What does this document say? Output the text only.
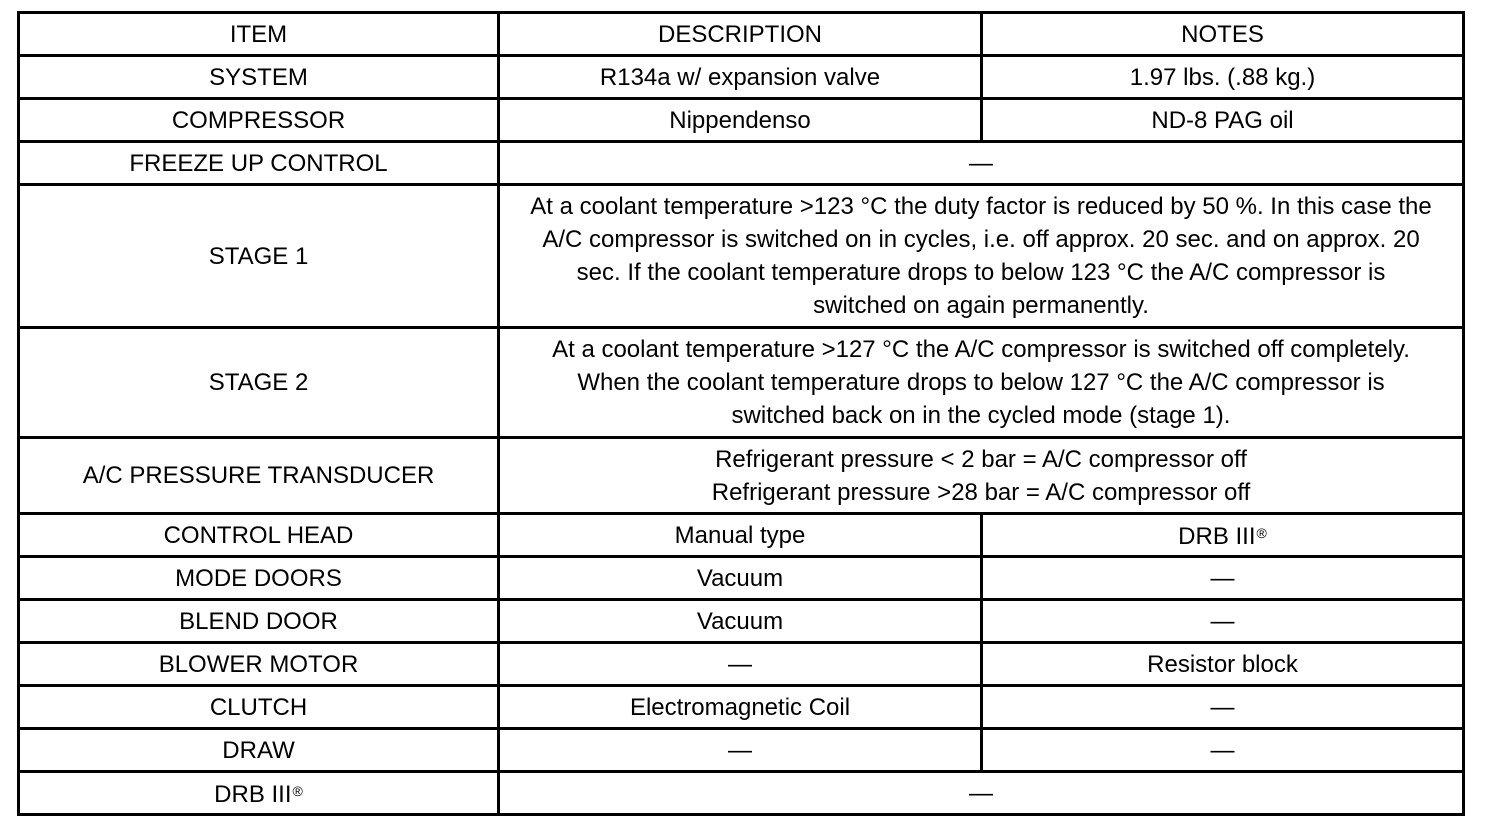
ITEM	DESCRIPTION	NOTES
SYSTEM	R134a w/ expansion valve	1.97 lbs. (.88 kg.)
COMPRESSOR	Nippendenso	ND-8 PAG oil
FREEZE UP CONTROL	—	
STAGE 1	At a coolant temperature >123 °C the duty factor is reduced by 50 %. In this case the A/C compressor is switched on in cycles, i.e. off approx. 20 sec. and on approx. 20 sec. If the coolant temperature drops to below 123 °C the A/C compressor is switched on again permanently.	
STAGE 2	At a coolant temperature >127 °C the A/C compressor is switched off completely. When the coolant temperature drops to below 127 °C the A/C compressor is switched back on in the cycled mode (stage 1).	
A/C PRESSURE TRANSDUCER	Refrigerant pressure < 2 bar = A/C compressor off
Refrigerant pressure >28 bar = A/C compressor off	

CONTROL HEAD	Manual type	DRB III®
MODE DOORS	Vacuum	—
BLEND DOOR	Vacuum	—
BLOWER MOTOR	—	Resistor block
CLUTCH	Electromagnetic Coil	—
DRAW	—	—
DRB III®	—	
